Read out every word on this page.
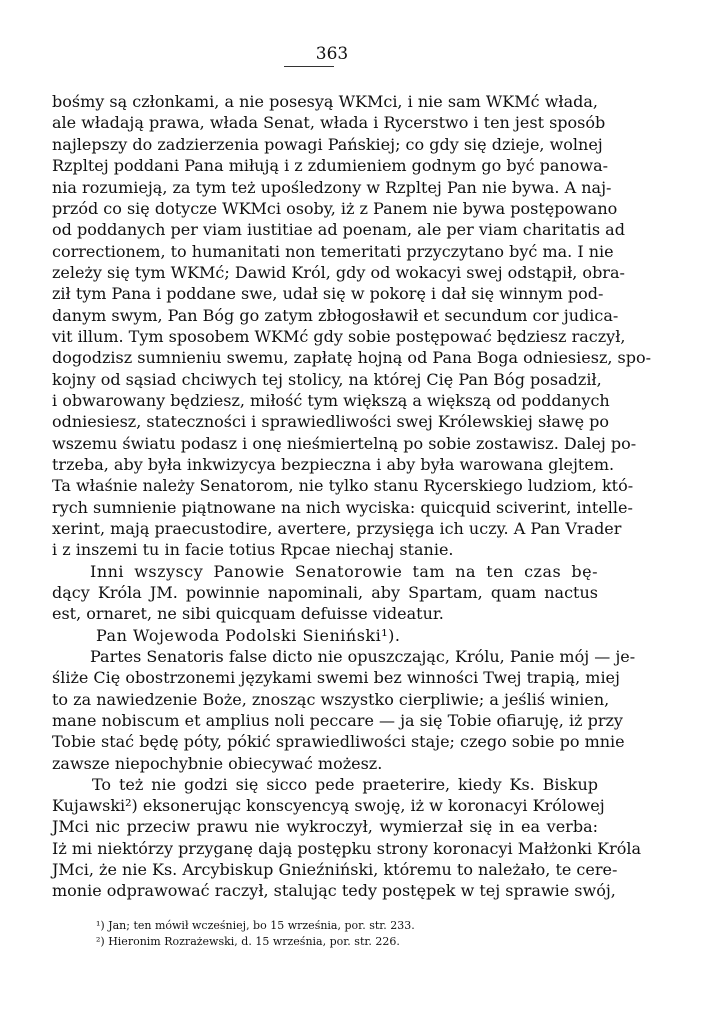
363
bośmy są członkami, a nie posesyą WKMci, i nie sam WKMć włada,
ale władają prawa, włada Senat, włada i Rycerstwo i ten jest sposób
najlepszy do zadzierzenia powagi Pańskiej; co gdy się dzieje, wolnej
Rzpltej poddani Pana miłują i z zdumieniem godnym go być panowa-
nia rozumieją, za tym też upośledzony w Rzpltej Pan nie bywa. A naj-
przód co się dotycze WKMci osoby, iż z Panem nie bywa postępowano
od poddanych per viam iustitiae ad poenam, ale per viam charitatis ad
correctionem, to humanitati non temeritati przyczytano być ma. I nie
zeleży się tym WKMć; Dawid Król, gdy od wokacyi swej odstąpił, obra-
ził tym Pana i poddane swe, udał się w pokorę i dał się winnym pod-
danym swym, Pan Bóg go zatym zbłogosławił et secundum cor judica-
vit illum. Tym sposobem WKMć gdy sobie postępować będziesz raczył,
dogodzisz sumnieniu swemu, zapłatę hojną od Pana Boga odniesiesz, spo-
kojny od sąsiad chciwych tej stolicy, na której Cię Pan Bóg posadził,
i obwarowany będziesz, miłość tym większą a większą od poddanych
odniesiesz, stateczności i sprawiedliwości swej Królewskiej sławę po
wszemu światu podasz i onę nieśmiertelną po sobie zostawisz. Dalej po-
trzeba, aby była inkwizycya bezpieczna i aby była warowana glejtem.
Ta właśnie należy Senatorom, nie tylko stanu Rycerskiego ludziom, któ-
rych sumnienie piątnowane na nich wyciska: quicquid sciverint, intelle-
xerint, mają praecustodire, avertere, przysięga ich uczy. A Pan Vrader
i z inszemi tu in facie totius Rpcae niechaj stanie.
Inni wszyscy Panowie Senatorowie tam na ten czas bę-
dący Króla JM. powinnie napominali, aby Spartam, quam nactus
est, ornaret, ne sibi quicquam defuisse videatur.
Pan Wojewoda Podolski Sieniński¹).
Partes Senatoris false dicto nie opuszczając, Królu, Panie mój — je-
śliże Cię obostrzonemi językami swemi bez winności Twej trapią, miej
to za nawiedzenie Boże, znosząc wszystko cierpliwie; a jeśliś winien,
mane nobiscum et amplius noli peccare — ja się Tobie ofiaruję, iż przy
Tobie stać będę póty, pókić sprawiedliwości staje; czego sobie po mnie
zawsze niepochybnie obiecywać możesz.
To też nie godzi się sicco pede praeterire, kiedy Ks. Biskup
Kujawski²) eksonerując konscyencyą swoję, iż w koronacyi Królowej
JMci nic przeciw prawu nie wykroczył, wymierzał się in ea verba:
Iż mi niektórzy przyganę dają postępku strony koronacyi Małżonki Króla
JMci, że nie Ks. Arcybiskup Gnieźniński, któremu to należało, te cere-
monie odprawować raczył, stalując tedy postępek w tej sprawie swój,
¹) Jan; ten mówił wcześniej, bo 15 września, por. str. 233.
²) Hieronim Rozrażewski, d. 15 września, por. str. 226.
